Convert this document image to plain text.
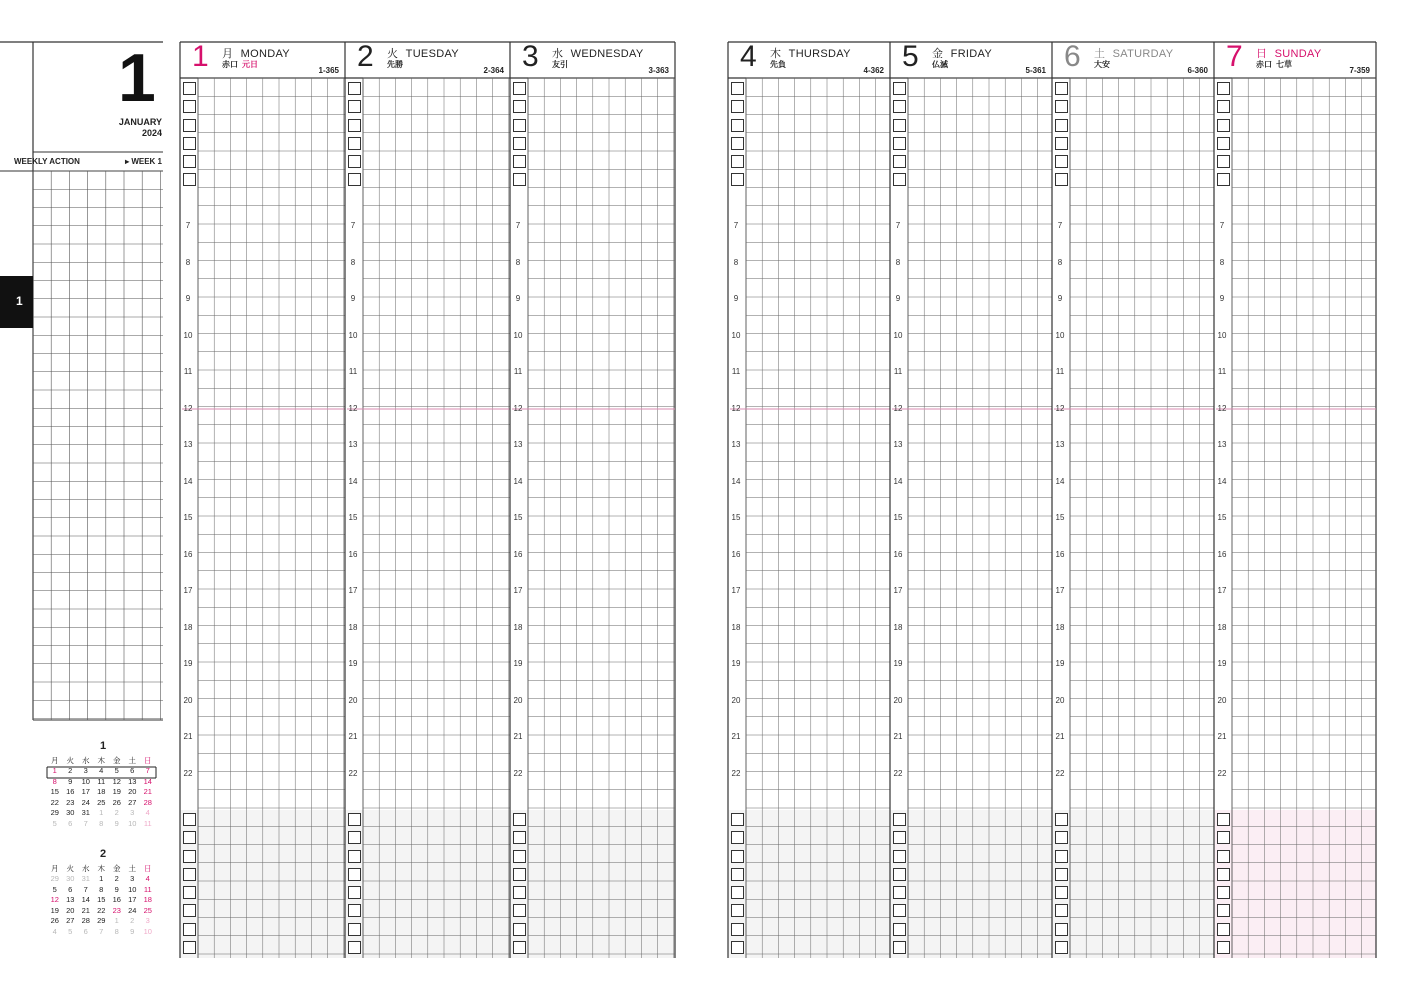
1
JANUARY
2024
WEEKLY ACTION	▸ WEEK 1
1
1
月	火	水	木	金	土	日
1	2	3	4	5	6	7
8	9	10 11 12 13 14
15 16 17 18 19 20 21
22 23 24 25 26 27 28
29 30 31	1	2	3	4
5	6	7	8	9	10 11
2
月	火	水	木	金	土	日
29 30 31	1	2	3	4
5	6	7	8	9	10 11
12 13 14 15 16 17 18
19 20 21 22 23 24 25
26 27 28 29	1	2	3
4	5	6	7	8	9	10
1 月 MONDAY
赤口 元日
1-365
7
8
9
10
11
12
13
14
15
16
17
18
19
20
21
22
2 火 TUESDAY
先勝
2-364
7
8
9
10
11
12
13
14
15
16
17
18
19
20
21
22
3 水 WEDNESDAY
友引
3-363
7
8
9
10
11
12
13
14
15
16
17
18
19
20
21
22
4 木 THURSDAY
先負
4-362
7
8
9
10
11
12
13
14
15
16
17
18
19
20
21
22
5 金 FRIDAY
仏滅
5-361
7
8
9
10
11
12
13
14
15
16
17
18
19
20
21
22
6 土 SATURDAY
大安
6-360
7
8
9
10
11
12
13
14
15
16
17
18
19
20
21
22
7 日 SUNDAY
赤口 七草
7-359
7
8
9
10
11
12
13
14
15
16
17
18
19
20
21
22
